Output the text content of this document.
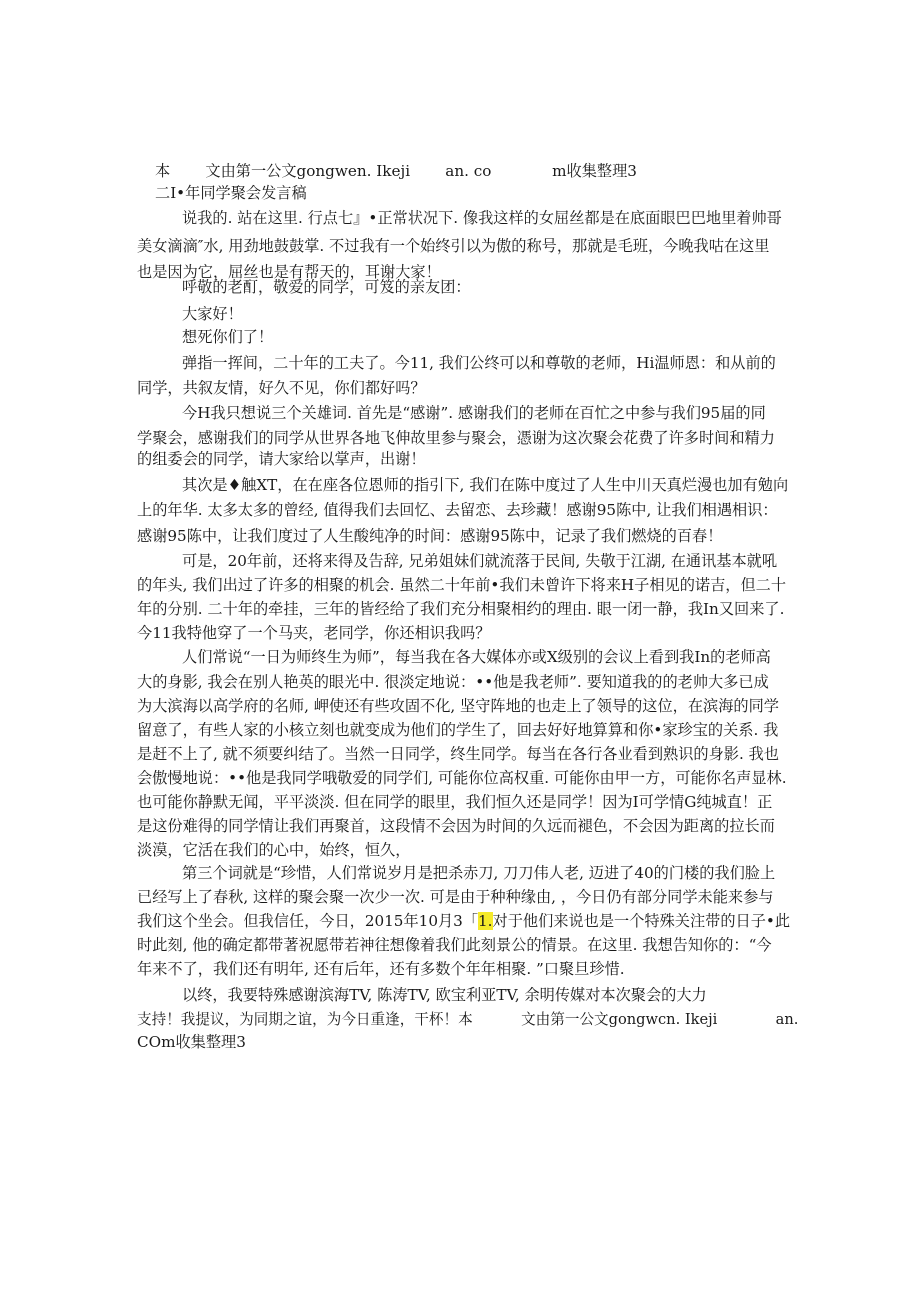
本　　 文由第一公文gongwen. Ikeji　　 an. co　　　　m收集整理3

二I•年同学聚会发言稿

说我的. 站在这里. 行点七』•正常状况下. 像我这样的女屈丝都是在底面眼巴巴地里着帅哥

美女滴滴″水, 用劲地鼓鼓掌. 不过我有一个始终引以为傲的称号，那就是毛班，今晚我咕在这里

也是因为它，屈丝也是有帮天的，耳谢大家！

呼敬的老酊，敬爱的同学，可笈的亲友团：

大家好！

想死你们了！

弹指一挥间，二十年的工夫了。今11, 我们公终可以和尊敬的老师，Hi温师恩：和从前的

同学，共叙友情，好久不见，你们都好吗？

今H我只想说三个关雄词. 首先是“感谢”. 感谢我们的老师在百忙之中参与我们95届的同

学聚会，感谢我们的同学从世界各地飞伸故里参与聚会，憑谢为这次聚会花费了许多时间和精力

的组委会的同学，请大家给以掌声，出谢！

其次是♦触XT，在在座各位恩师的指引下, 我们在陈中度过了人生中川天真烂漫也加有勉向

上的年华. 太多太多的曾经, 值得我们去回忆、去留恋、去珍藏！感谢95陈中, 让我们相遇相识：

感谢95陈中，让我们度过了人生酸纯净的时间：感谢95陈中，记录了我们燃烧的百春！

可是，20年前，还将来得及告辞, 兄弟姐妹们就流落于民间, 失敬于江湖, 在通讯基本就吼

的年头, 我们出过了许多的相聚的机会. 虽然二十年前•我们未曾许下将来H子相见的诺吉，但二十

年的分别. 二十年的牵挂，三年的皆经给了我们充分相聚相约的理由. 眼一闭一静，我In又回来了.

今11我特他穿了一个马夹，老同学，你还相识我吗？

人们常说“一日为师终生为师”，每当我在各大媒体亦或X级别的会议上看到我In的老师高

大的身影, 我会在别人艳英的眼光中. 很淡定地说：••他是我老师”. 要知道我的的老帅大多已成

为大滨海以高学府的名师, 岬使还有些攻固不化, 坚守阵地的也走上了领导的这位，在滨海的同学

留意了，有些人家的小核立刻也就变成为他们的学生了，回去好好地算算和你•家珍宝的关系. 我

是赶不上了, 就不须要纠结了。当然一日同学，终生同学。每当在各行各业看到熟识的身影. 我也

会傲慢地说：••他是我同学哦敬爱的同学们, 可能你位高权重. 可能你由甲一方，可能你名声显林.

也可能你静默无闻，平平淡淡. 但在同学的眼里，我们恒久还是同学！因为I可学情G纯城直！正

是这份难得的同学情让我们再聚首，这段情不会因为时间的久远而褪色，不会因为距离的拉长而

淡漠，它活在我们的心中，始终，恒久，

第三个词就是“珍惜，人们常说岁月是把杀赤刀, 刀刀伟人老, 迈进了40的门楼的我们脸上

已经写上了春秋, 这样的聚会聚一次少一次. 可是由于种种缘由, ，今日仍有部分同学未能来参与

我们这个坐会。但我信任，今日，2015年10月3「1.对于他们来说也是一个特殊关注带的日子•此

时此刻, 他的确定都带著祝愿带若神往想像着我们此刻景公的情景。在这里. 我想告知你的：“今

年来不了，我们还有明年, 还有后年，还有多数个年年相聚. ”口聚旦珍惜.

以终，我要特殊感谢滨海TV, 陈涛TV, 欧宝利亚TV, 余明传媒对本次聚会的大力

支持！我提议，为同期之谊，为今日重逢，干杯！本　　　 文由第一公文gongwcn. Ikeji　　　　an.

COm收集整理3
